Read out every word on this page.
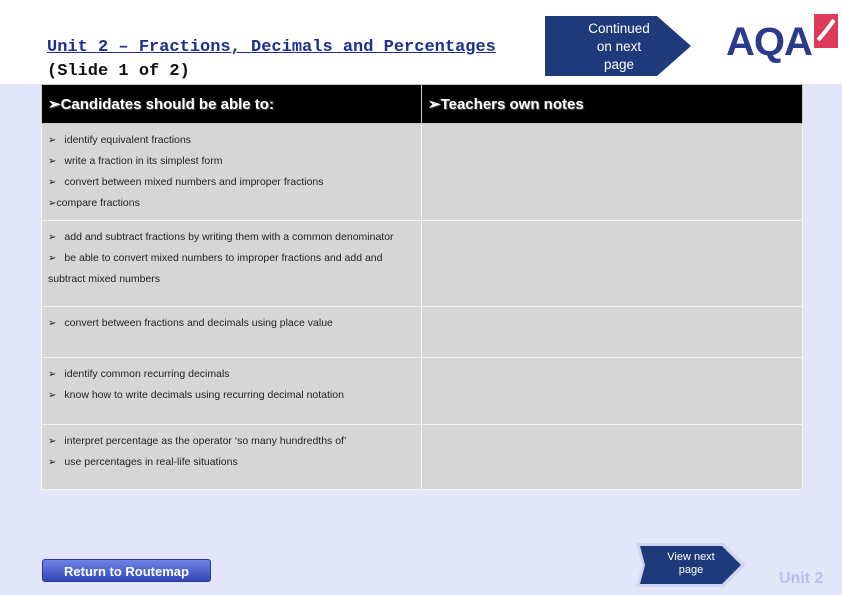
Unit 2 – Fractions, Decimals and Percentages
(Slide 1 of 2)
Continued
on next
page
AQA
➢Candidates should be able to:	➢Teachers own notes

➢ identify equivalent fractions
➢ write a fraction in its simplest form
➢ convert between mixed numbers and improper fractions
➢compare fractions	

➢ add and subtract fractions by writing them with a common denominator
➢ be able to convert mixed numbers to improper fractions and add and subtract mixed numbers	

➢ convert between fractions and decimals using place value	

➢ identify common recurring decimals
➢ know how to write decimals using recurring decimal notation	

➢ interpret percentage as the operator ‘so many hundredths of’
➢ use percentages in real-life situations	

Return to Routemap
View next
page	Unit 2
